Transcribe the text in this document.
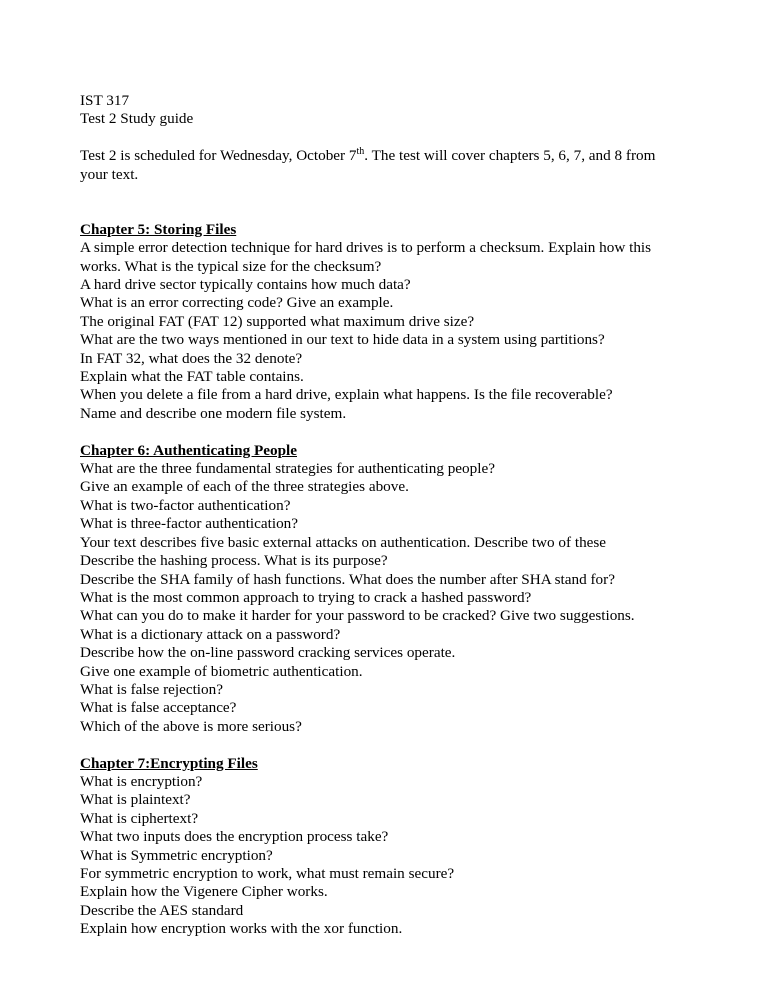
IST 317
Test 2 Study guide
Test 2 is scheduled for Wednesday, October 7th. The test will cover chapters 5, 6, 7, and 8 from
your text.
Chapter 5: Storing Files
A simple error detection technique for hard drives is to perform a checksum. Explain how this
works. What is the typical size for the checksum?
A hard drive sector typically contains how much data?
What is an error correcting code? Give an example.
The original FAT (FAT 12) supported what maximum drive size?
What are the two ways mentioned in our text to hide data in a system using partitions?
In FAT 32, what does the 32 denote?
Explain what the FAT table contains.
When you delete a file from a hard drive, explain what happens. Is the file recoverable?
Name and describe one modern file system.
Chapter 6: Authenticating People
What are the three fundamental strategies for authenticating people?
Give an example of each of the three strategies above.
What is two-factor authentication?
What is three-factor authentication?
Your text describes five basic external attacks on authentication. Describe two of these
Describe the hashing process. What is its purpose?
Describe the SHA family of hash functions. What does the number after SHA stand for?
What is the most common approach to trying to crack a hashed password?
What can you do to make it harder for your password to be cracked? Give two suggestions.
What is a dictionary attack on a password?
Describe how the on-line password cracking services operate.
Give one example of biometric authentication.
What is false rejection?
What is false acceptance?
Which of the above is more serious?
Chapter 7:Encrypting Files
What is encryption?
What is plaintext?
What is ciphertext?
What two inputs does the encryption process take?
What is Symmetric encryption?
For symmetric encryption to work, what must remain secure?
Explain how the Vigenere Cipher works.
Describe the AES standard
Explain how encryption works with the xor function.
